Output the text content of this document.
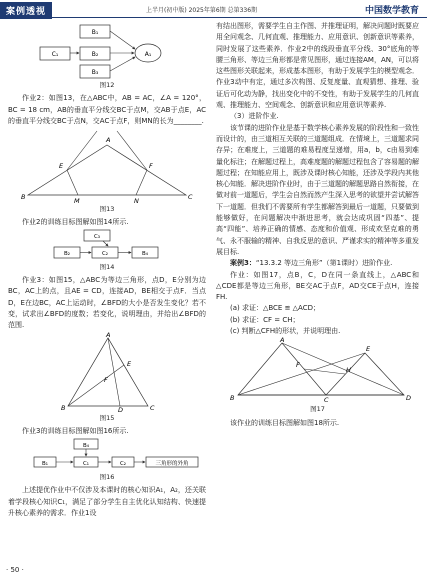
案例透视	上半月(初中版) 2025年第6期 总第336期	中国数学教育
B₁
C₁	B₂
B₃
A₁
图12

作业2：如图13，在△ABC中，AB = AC，∠A = 120°，BC = 18 cm，AB的垂直平分线交BC于点M，交AB于点E，AC的垂直平分线交BC于点N，交AC于点F，则MN的长为________.

A
B	C
E	F
M	N
图13

作业2的训练目标图解如图14所示.

C₃
B₂	C₂	B₄
图14

作业3：如图15，△ABC为等边三角形，点D，E分别为边BC，AC上的点，且AE = CD，连接AD，BE相交于点F．当点D，E在边BC，AC上运动时，∠BFD的大小是否发生变化？若不变，试求出∠BFD的度数；若变化，说明理由，并给出∠BFD的范围.

A
B	C
D
E
F
图15

作业3的训练目标图解如图16所示.

B₄
B₁	C₁	C₂	三角形的外角
图16

上述提优作业中不仅涉及本课时的核心知识A₁，A₂，还关联着学段核心知识C₁，满足了部分学生自主优化认知结构、快速提升核心素养的需求．作业1设

有结出图形，需要学生自主作图、并推理证明，解决问题时既要应用全问观念、几何直观、推理能力、应用意识、创新意识等素养，同时发展了这些素养．作业2中的线段垂直平分线、30°底角的等腰三角形、等边三角形都是常见图形，通过连接AM，AN，可以将这些图形关联起来，形成基本图形，有助于发展学生的模型观念．作业3动中有定，通过多次构图、反复度量、直观猜想、推理、验证后可化动为静，找出变化中的不变性，有助于发展学生的几何直观、推理能力、空间观念、创新意识和应用意识等素养.

（3）进阶作业.

该节课的进阶作业是基于数学核心素养发展的阶段性和一致性而设计的，由三道相互关联的三道题组成．在情境上，三道题求同存异；在难度上，三道题的难易程度呈递增，用a，b，c由易到难量化标注；在解题过程上，高难度题的解题过程包含了容易题的解题过程；在知能应用上，既涉及课时核心知能，还涉及学段内其他核心知能．解决进阶作业时，由于三道题的解题思路自然衔接，在做对前一道题后，学生会自然而然产生深入思考的欲望并尝试解答下一道题．但我们不需要所有学生都解答到最后一道题，只要做到能够做好，在问题解决中渐进思考，就会达成巩固“四基”、提高“四能”、培养正确的情感、态度和价值观、形成欢坚克难的勇气、永不服输的精神、自我反思的意识、严谨求实的精神等多重发展目标.

案例3：“13.3.2 等边三角形”（第1课时）进阶作业.

作业：如图17，点B，C，D在同一条直线上，△ABC和△CDE都是等边三角形，BE交AC于点F，AD交CE于点H，连接FH.

(a) 求证：△BCE ≌ △ACD；

(b) 求证：CF = CH；

(c) 判断△CFH的形状，并说明理由.

A
B	C	D
E
F
H
图17

该作业的训练目标图解如图18所示.

· 50 ·
